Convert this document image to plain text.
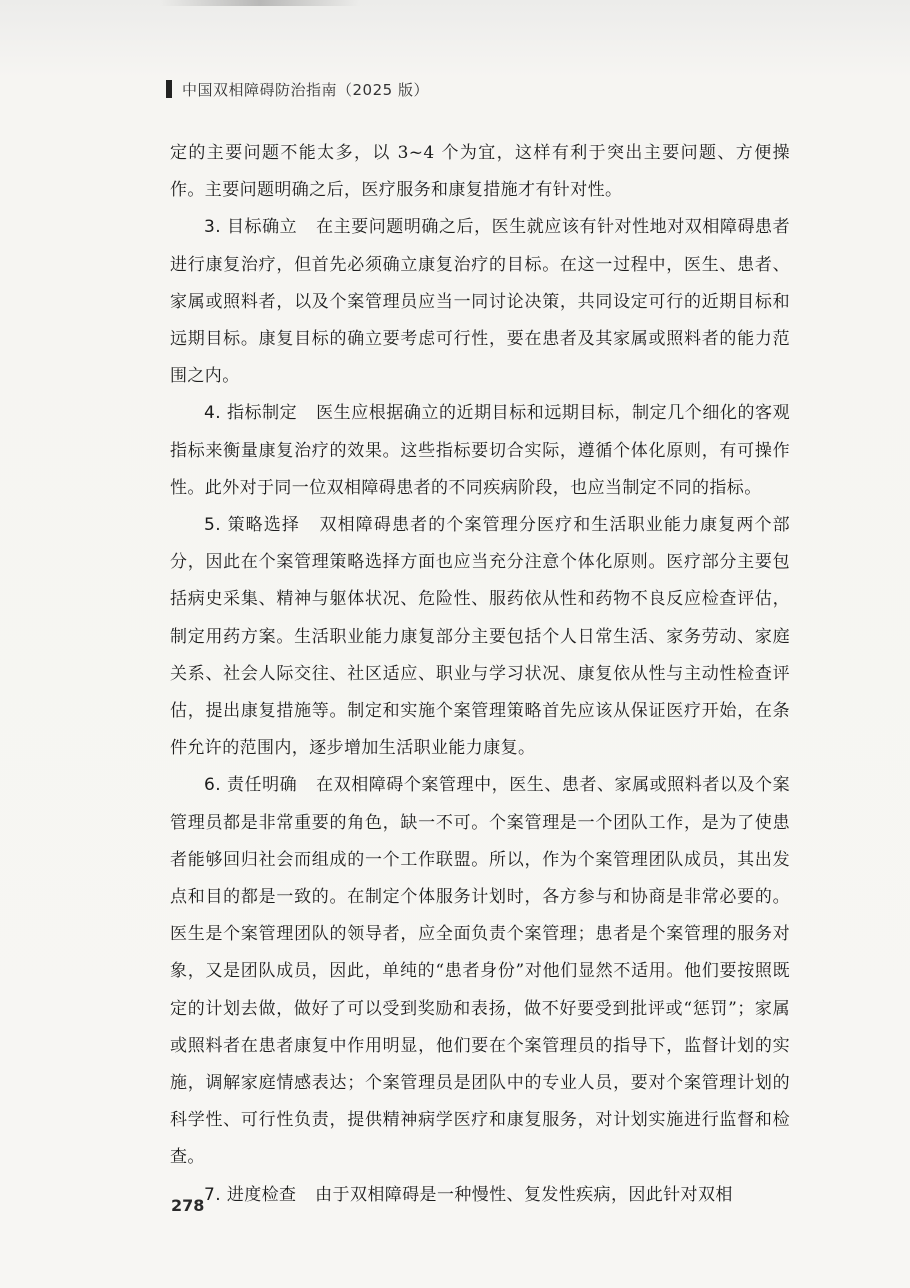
中国双相障碍防治指南（2025 版）

定的主要问题不能太多，以 3~4 个为宜，这样有利于突出主要问题、方便操作。主要问题明确之后，医疗服务和康复措施才有针对性。

3. 目标确立 在主要问题明确之后，医生就应该有针对性地对双相障碍患者进行康复治疗，但首先必须确立康复治疗的目标。在这一过程中，医生、患者、家属或照料者，以及个案管理员应当一同讨论决策，共同设定可行的近期目标和远期目标。康复目标的确立要考虑可行性，要在患者及其家属或照料者的能力范围之内。

4. 指标制定 医生应根据确立的近期目标和远期目标，制定几个细化的客观指标来衡量康复治疗的效果。这些指标要切合实际，遵循个体化原则，有可操作性。此外对于同一位双相障碍患者的不同疾病阶段，也应当制定不同的指标。

5. 策略选择 双相障碍患者的个案管理分医疗和生活职业能力康复两个部分，因此在个案管理策略选择方面也应当充分注意个体化原则。医疗部分主要包括病史采集、精神与躯体状况、危险性、服药依从性和药物不良反应检查评估，制定用药方案。生活职业能力康复部分主要包括个人日常生活、家务劳动、家庭关系、社会人际交往、社区适应、职业与学习状况、康复依从性与主动性检查评估，提出康复措施等。制定和实施个案管理策略首先应该从保证医疗开始，在条件允许的范围内，逐步增加生活职业能力康复。

6. 责任明确 在双相障碍个案管理中，医生、患者、家属或照料者以及个案管理员都是非常重要的角色，缺一不可。个案管理是一个团队工作，是为了使患者能够回归社会而组成的一个工作联盟。所以，作为个案管理团队成员，其出发点和目的都是一致的。在制定个体服务计划时，各方参与和协商是非常必要的。医生是个案管理团队的领导者，应全面负责个案管理；患者是个案管理的服务对象，又是团队成员，因此，单纯的“患者身份”对他们显然不适用。他们要按照既定的计划去做，做好了可以受到奖励和表扬，做不好要受到批评或“惩罚”；家属或照料者在患者康复中作用明显，他们要在个案管理员的指导下，监督计划的实施，调解家庭情感表达；个案管理员是团队中的专业人员，要对个案管理计划的科学性、可行性负责，提供精神病学医疗和康复服务，对计划实施进行监督和检查。

7. 进度检查 由于双相障碍是一种慢性、复发性疾病，因此针对双相

278
